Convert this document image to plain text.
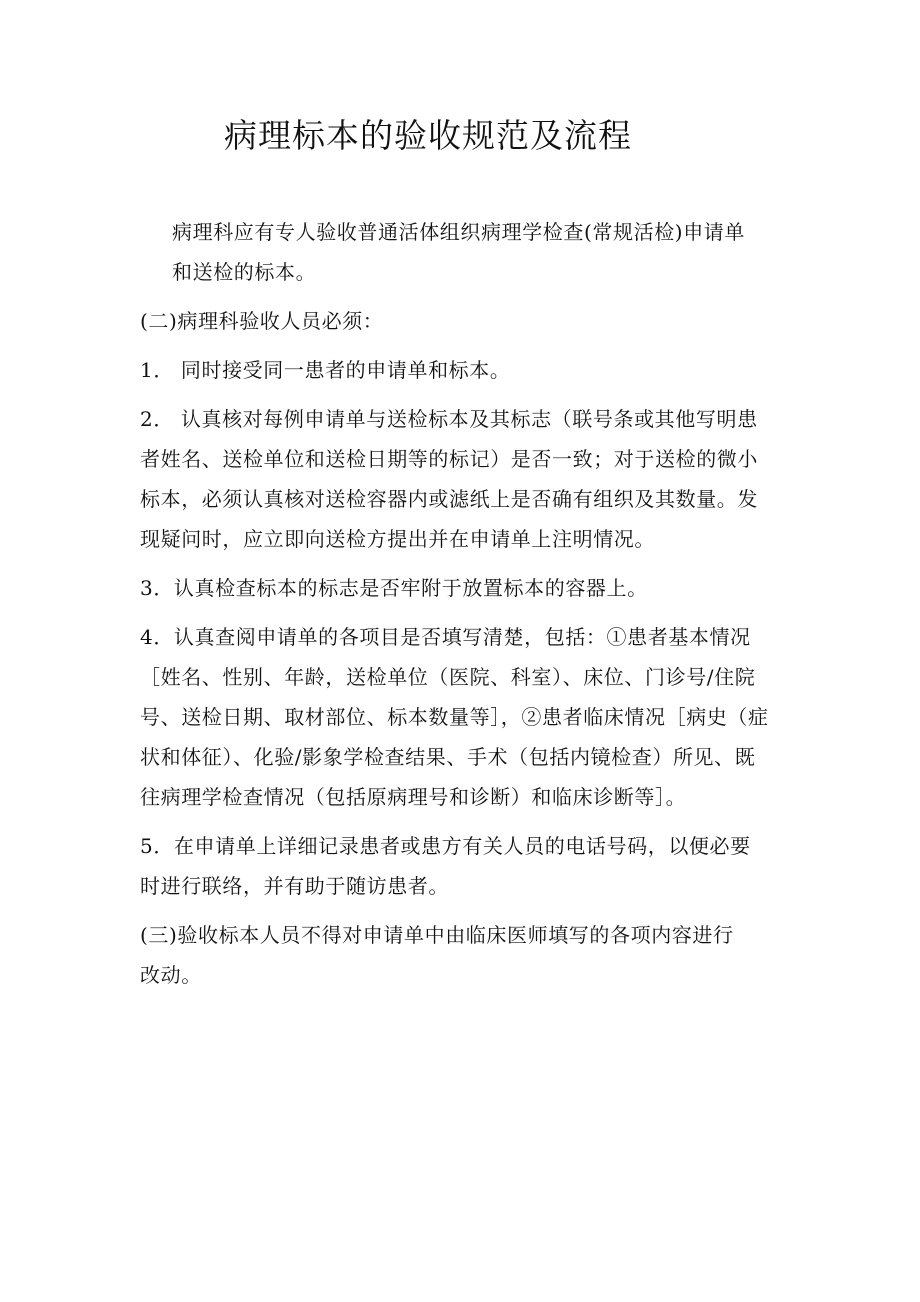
病理标本的验收规范及流程

病理科应有专人验收普通活体组织病理学检查(常规活检)申请单
和送检的标本。

(二)病理科验收人员必须：

1． 同时接受同一患者的申请单和标本。

2． 认真核对每例申请单与送检标本及其标志（联号条或其他写明患
者姓名、送检单位和送检日期等的标记）是否一致；对于送检的微小
标本，必须认真核对送检容器内或滤纸上是否确有组织及其数量。发
现疑问时，应立即向送检方提出并在申请单上注明情况。

3．认真检查标本的标志是否牢附于放置标本的容器上。

4．认真查阅申请单的各项目是否填写清楚，包括：①患者基本情况
［姓名、性别、年龄，送检单位（医院、科室）、床位、门诊号/住院
号、送检日期、取材部位、标本数量等］，②患者临床情况［病史（症
状和体征）、化验/影象学检查结果、手术（包括内镜检查）所见、既
往病理学检查情况（包括原病理号和诊断）和临床诊断等］。

5．在申请单上详细记录患者或患方有关人员的电话号码，以便必要
时进行联络，并有助于随访患者。

(三)验收标本人员不得对申请单中由临床医师填写的各项内容进行
改动。
